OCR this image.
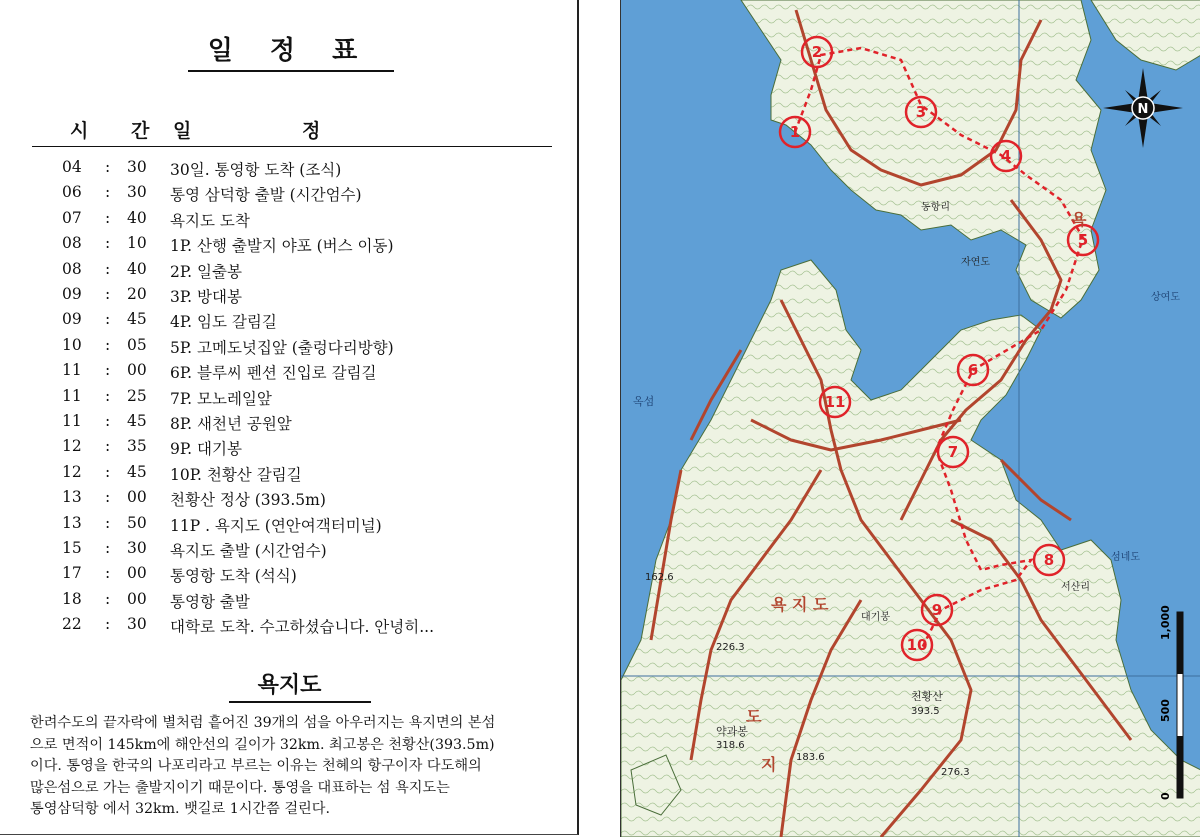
일 정 표
시 간 일 정
04	: 30	30일. 통영항 도착 (조식)
06	: 30	통영 삼덕항 출발 (시간엄수)
07	: 40	욕지도 도착
08	: 10	1P. 산행 출발지 야포 (버스 이동)
08	: 40	2P. 일출봉
09	: 20	3P. 방대봉
09	: 45	4P. 임도 갈림길
10	: 05	5P. 고메도넛집앞 (출렁다리방향)
11	: 00	6P. 블루씨 펜션 진입로 갈림길
11	: 25	7P. 모노레일앞
11	: 45	8P. 새천년 공원앞
12	: 35	9P. 대기봉
12	: 45	10P. 천황산 갈림길
13	: 00	천황산 정상 (393.5m)
13	: 50	11P . 욕지도 (연안여객터미널)
15	: 30	욕지도 출발 (시간엄수)
17	: 00	통영항 도착 (석식)
18	: 00	통영항 출발
22	: 30	대학로 도착. 수고하셨습니다. 안녕히...
욕지도
한려수도의 끝자락에 별처럼 흩어진 39개의 섬을 아우러지는 욕지면의 본섬
으로 면적이 145km에 해안선의 길이가 32km. 최고봉은 천황산(393.5m)
이다. 통영을 한국의 나포리라고 부르는 이유는 천혜의 항구이자 다도해의
많은섬으로 가는 출발지이기 때문이다. 통영을 대표하는 섬 욕지도는
통영삼덕항 에서 32km. 뱃길로 1시간쯤 걸린다.
1
2
3
4
5
6
7
8
9
10
11
옥섬
욕 지 도
천황산
393.5
약과봉
318.6
226.3
162.6
183.6
276.3
도
지
욕
섬네도
상여도
서산리
동항리
자연도
대기봉
N
1,000
500
0
